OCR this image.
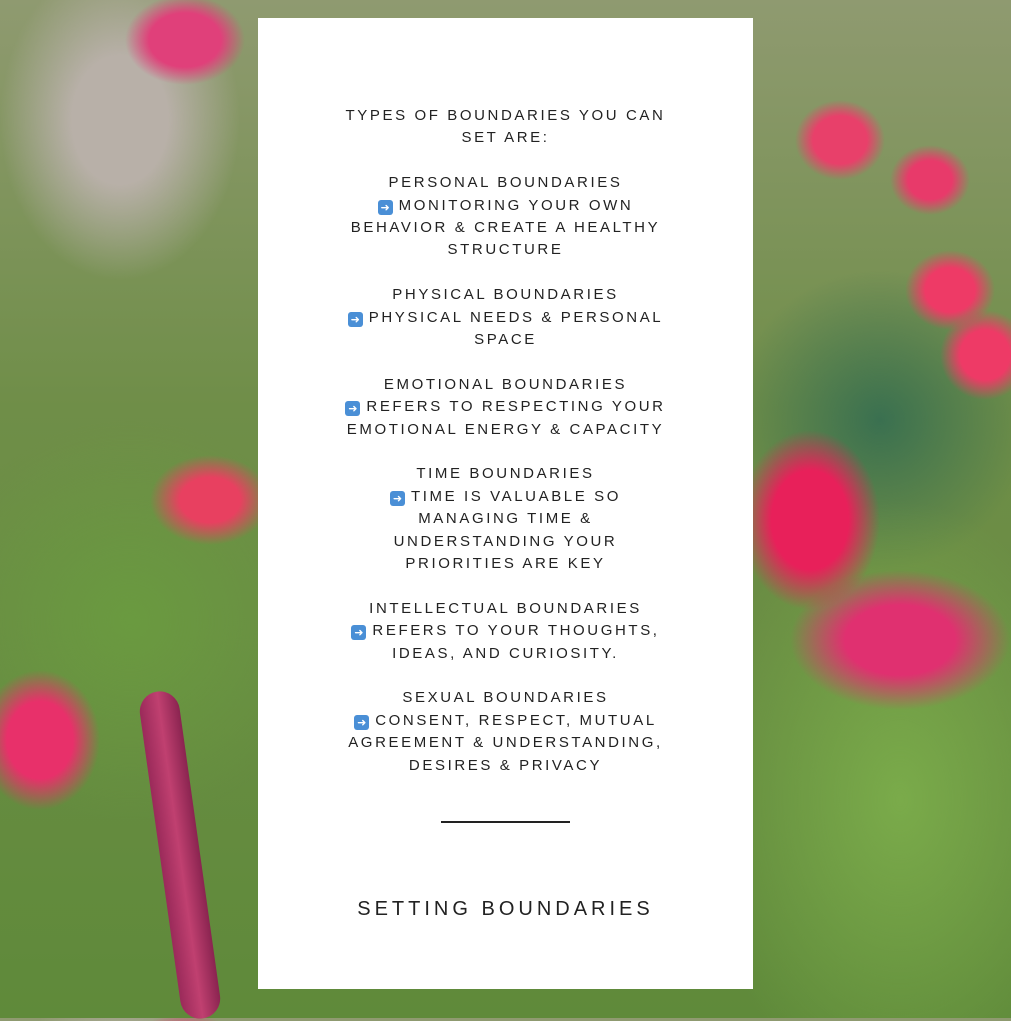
TYPES OF BOUNDARIES YOU CAN
SET ARE:
PERSONAL BOUNDARIES
➜ MONITORING YOUR OWN
BEHAVIOR & CREATE A HEALTHY
STRUCTURE
PHYSICAL BOUNDARIES
➜ PHYSICAL NEEDS & PERSONAL
SPACE
EMOTIONAL BOUNDARIES
➜ REFERS TO RESPECTING YOUR
EMOTIONAL ENERGY & CAPACITY
TIME BOUNDARIES
➜ TIME IS VALUABLE SO
MANAGING TIME &
UNDERSTANDING YOUR
PRIORITIES ARE KEY
INTELLECTUAL BOUNDARIES
➜ REFERS TO YOUR THOUGHTS,
IDEAS, AND CURIOSITY.
SEXUAL BOUNDARIES
➜ CONSENT, RESPECT, MUTUAL
AGREEMENT & UNDERSTANDING,
DESIRES & PRIVACY
SETTING BOUNDARIES
